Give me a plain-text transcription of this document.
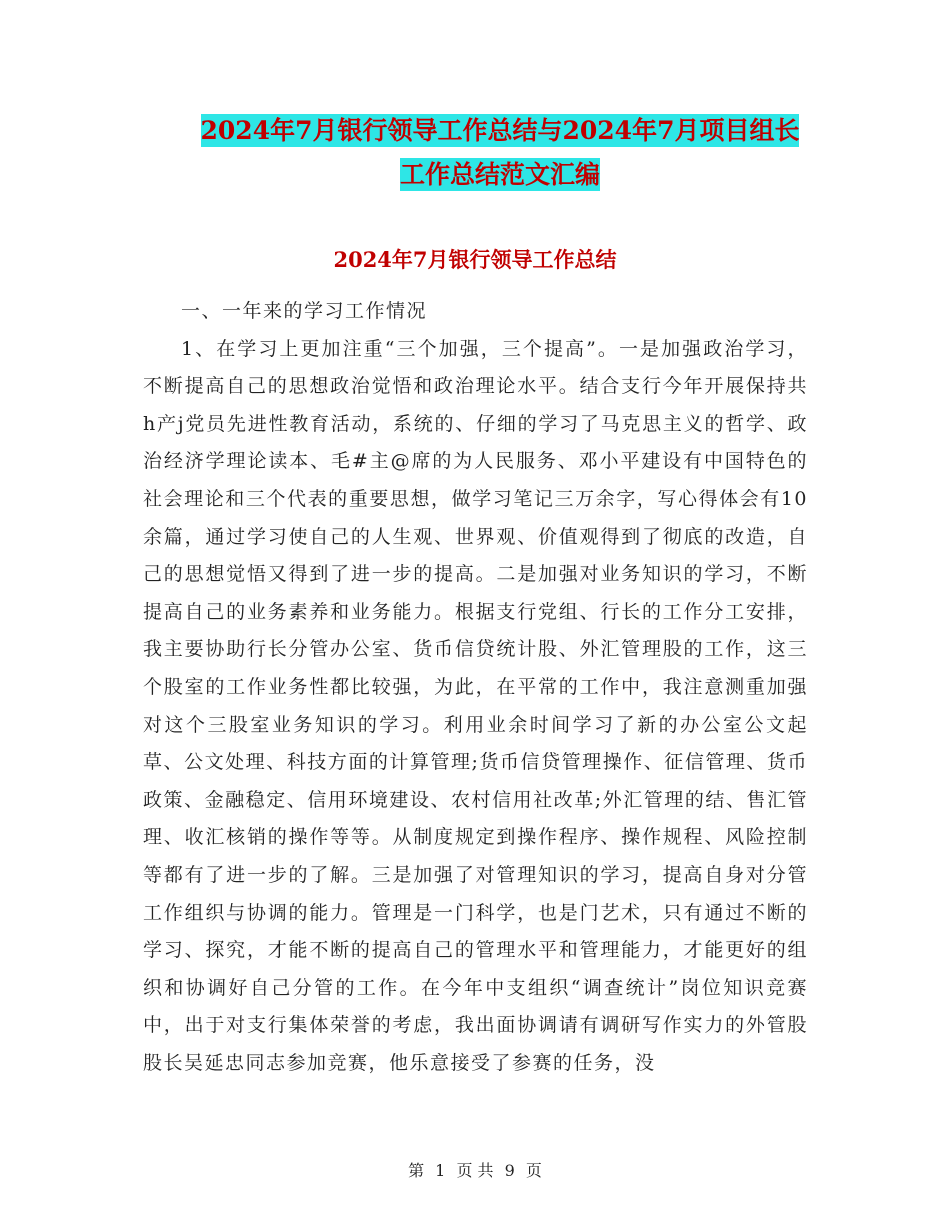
2024年7月银行领导工作总结与2024年7月项目组长
工作总结范文汇编
2024年7月银行领导工作总结

一、一年来的学习工作情况

1、在学习上更加注重“三个加强，三个提高”。一是加强政治学习，不断提高自己的思想政治觉悟和政治理论水平。结合支行今年开展保持共h产j党员先进性教育活动，系统的、仔细的学习了马克思主义的哲学、政治经济学理论读本、毛#主@席的为人民服务、邓小平建设有中国特色的社会理论和三个代表的重要思想，做学习笔记三万余字，写心得体会有10余篇，通过学习使自己的人生观、世界观、价值观得到了彻底的改造，自己的思想觉悟又得到了进一步的提高。二是加强对业务知识的学习，不断提高自己的业务素养和业务能力。根据支行党组、行长的工作分工安排，我主要协助行长分管办公室、货币信贷统计股、外汇管理股的工作，这三个股室的工作业务性都比较强，为此，在平常的工作中，我注意测重加强对这个三股室业务知识的学习。利用业余时间学习了新的办公室公文起草、公文处理、科技方面的计算管理;货币信贷管理操作、征信管理、货币政策、金融稳定、信用环境建设、农村信用社改革;外汇管理的结、售汇管理、收汇核销的操作等等。从制度规定到操作程序、操作规程、风险控制等都有了进一步的了解。三是加强了对管理知识的学习，提高自身对分管工作组织与协调的能力。管理是一门科学，也是门艺术，只有通过不断的学习、探究，才能不断的提高自己的管理水平和管理能力，才能更好的组织和协调好自己分管的工作。在今年中支组织“调查统计”岗位知识竞赛中，出于对支行集体荣誉的考虑，我出面协调请有调研写作实力的外管股股长吴延忠同志参加竞赛，他乐意接受了参赛的任务，没

第 1 页 共 9 页
